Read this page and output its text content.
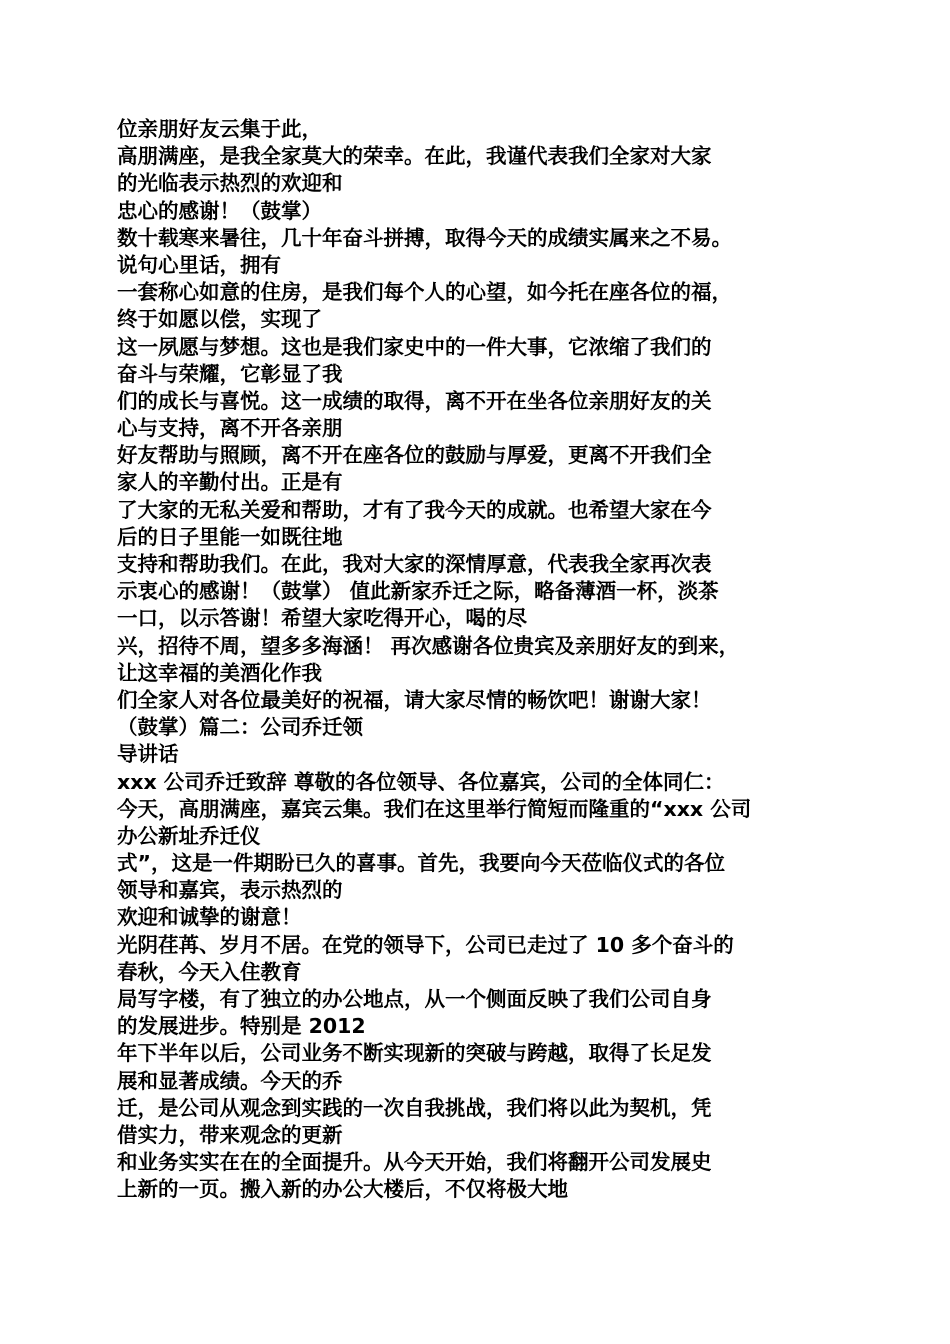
位亲朋好友云集于此，
高朋满座，是我全家莫大的荣幸。在此，我谨代表我们全家对大家
的光临表示热烈的欢迎和
忠心的感谢！（鼓掌）
数十载寒来暑往，几十年奋斗拼搏，取得今天的成绩实属来之不易。
说句心里话，拥有
一套称心如意的住房，是我们每个人的心望，如今托在座各位的福，
终于如愿以偿，实现了
这一夙愿与梦想。这也是我们家史中的一件大事，它浓缩了我们的
奋斗与荣耀，它彰显了我
们的成长与喜悦。这一成绩的取得，离不开在坐各位亲朋好友的关
心与支持，离不开各亲朋
好友帮助与照顾，离不开在座各位的鼓励与厚爱，更离不开我们全
家人的辛勤付出。正是有
了大家的无私关爱和帮助，才有了我今天的成就。也希望大家在今
后的日子里能一如既往地
支持和帮助我们。在此，我对大家的深情厚意，代表我全家再次表
示衷心的感谢！（鼓掌） 值此新家乔迁之际，略备薄酒一杯，淡茶
一口，以示答谢！希望大家吃得开心，喝的尽
兴，招待不周，望多多海涵！ 再次感谢各位贵宾及亲朋好友的到来，
让这幸福的美酒化作我
们全家人对各位最美好的祝福，请大家尽情的畅饮吧！谢谢大家！
（鼓掌）篇二：公司乔迁领
导讲话
xxx 公司乔迁致辞 尊敬的各位领导、各位嘉宾，公司的全体同仁：
今天，高朋满座，嘉宾云集。我们在这里举行简短而隆重的“xxx 公司
办公新址乔迁仪
式”，这是一件期盼已久的喜事。首先，我要向今天莅临仪式的各位
领导和嘉宾，表示热烈的
欢迎和诚挚的谢意！
光阴荏苒、岁月不居。在党的领导下，公司已走过了 10 多个奋斗的
春秋，今天入住教育
局写字楼，有了独立的办公地点，从一个侧面反映了我们公司自身
的发展进步。特别是 2012
年下半年以后，公司业务不断实现新的突破与跨越，取得了长足发
展和显著成绩。今天的乔
迁，是公司从观念到实践的一次自我挑战，我们将以此为契机，凭
借实力，带来观念的更新
和业务实实在在的全面提升。从今天开始，我们将翻开公司发展史
上新的一页。搬入新的办公大楼后，不仅将极大地
